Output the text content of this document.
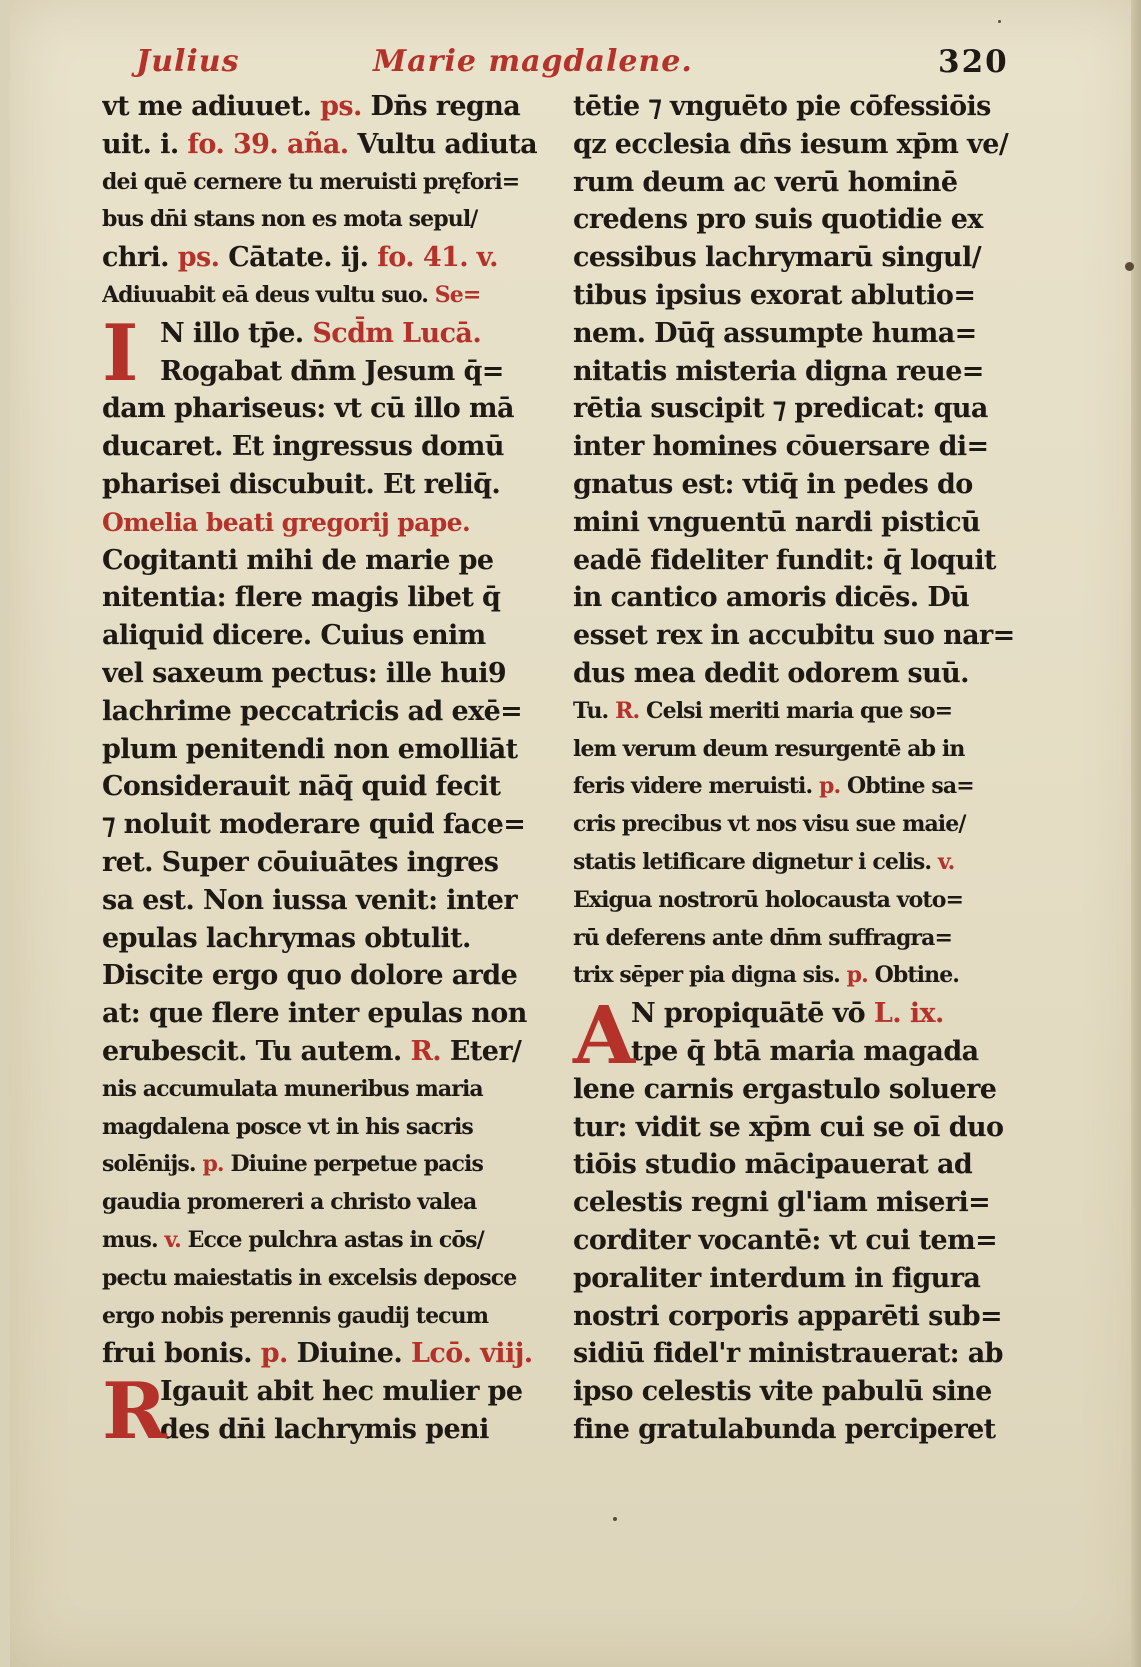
Julius	Marie magdalene.	320
vt me adiuuet. ps. Dn̄s regna
uit. i. fo. 39. aña. Vultu adiuta
dei quē cernere tu meruisti pręfori=
bus dn̄i stans non es mota sepul/
chri. ps. Cātate. ij. fo. 41. v.
Adiuuabit eā deus vultu suo. Se=
I N illo tp̄e. Scd̄m Lucā.
Rogabat dn̄m Jesum q̄=
dam phariseus: vt cū illo mā
ducaret. Et ingressus domū
pharisei discubuit. Et reliq̄.
Omelia beati gregorij pape.
Cogitanti mihi de marie pe
nitentia: flere magis libet q̄
aliquid dicere. Cuius enim
vel saxeum pectus: ille hui9
lachrime peccatricis ad exē=
plum penitendi non emolliāt
Considerauit nāq̄ quid fecit
⁊ noluit moderare quid face=
ret. Super cōuiuātes ingres
sa est. Non iussa venit: inter
epulas lachrymas obtulit.
Discite ergo quo dolore arde
at: que flere inter epulas non
erubescit. Tu autem. R. Eter/
nis accumulata muneribus maria
magdalena posce vt in his sacris
solēnijs. p. Diuine perpetue pacis
gaudia promereri a christo valea
mus. v. Ecce pulchra astas in cōs/
pectu maiestatis in excelsis deposce
ergo nobis perennis gaudij tecum
frui bonis. p. Diuine. Lcō. viij.
R
Igauit abit hec mulier pe
des dn̄i lachrymis peni
tētie ⁊ vnguēto pie cōfessiōis
qz ecclesia dn̄s iesum xp̄m ve/
rum deum ac verū hominē
credens pro suis quotidie ex
cessibus lachrymarū singul/
tibus ipsius exorat ablutio=
nem. Dūq̄ assumpte huma=
nitatis misteria digna reue=
rētia suscipit ⁊ predicat: qua
inter homines cōuersare di=
gnatus est: vtiq̄ in pedes do
mini vnguentū nardi pisticū
eadē fideliter fundit: q̄ loquit
in cantico amoris dicēs. Dū
esset rex in accubitu suo nar=
dus mea dedit odorem suū.
Tu. R. Celsi meriti maria que so=
lem verum deum resurgentē ab in
feris videre meruisti. p. Obtine sa=
cris precibus vt nos visu sue maie/
statis letificare dignetur i celis. v.
Exigua nostrorū holocausta voto=
rū deferens ante dn̄m suffragra=
trix sēper pia digna sis. p. Obtine.
A
N propiquātē vō L. ix.
tpe q̄ btā maria magada
lene carnis ergastulo soluere
tur: vidit se xp̄m cui se oī duo
tiōis studio mācipauerat ad
celestis regni gl'iam miseri=
corditer vocantē: vt cui tem=
poraliter interdum in figura
nostri corporis apparēti sub=
sidiū fidel'r ministrauerat: ab
ipso celestis vite pabulū sine
fine gratulabunda perciperet
